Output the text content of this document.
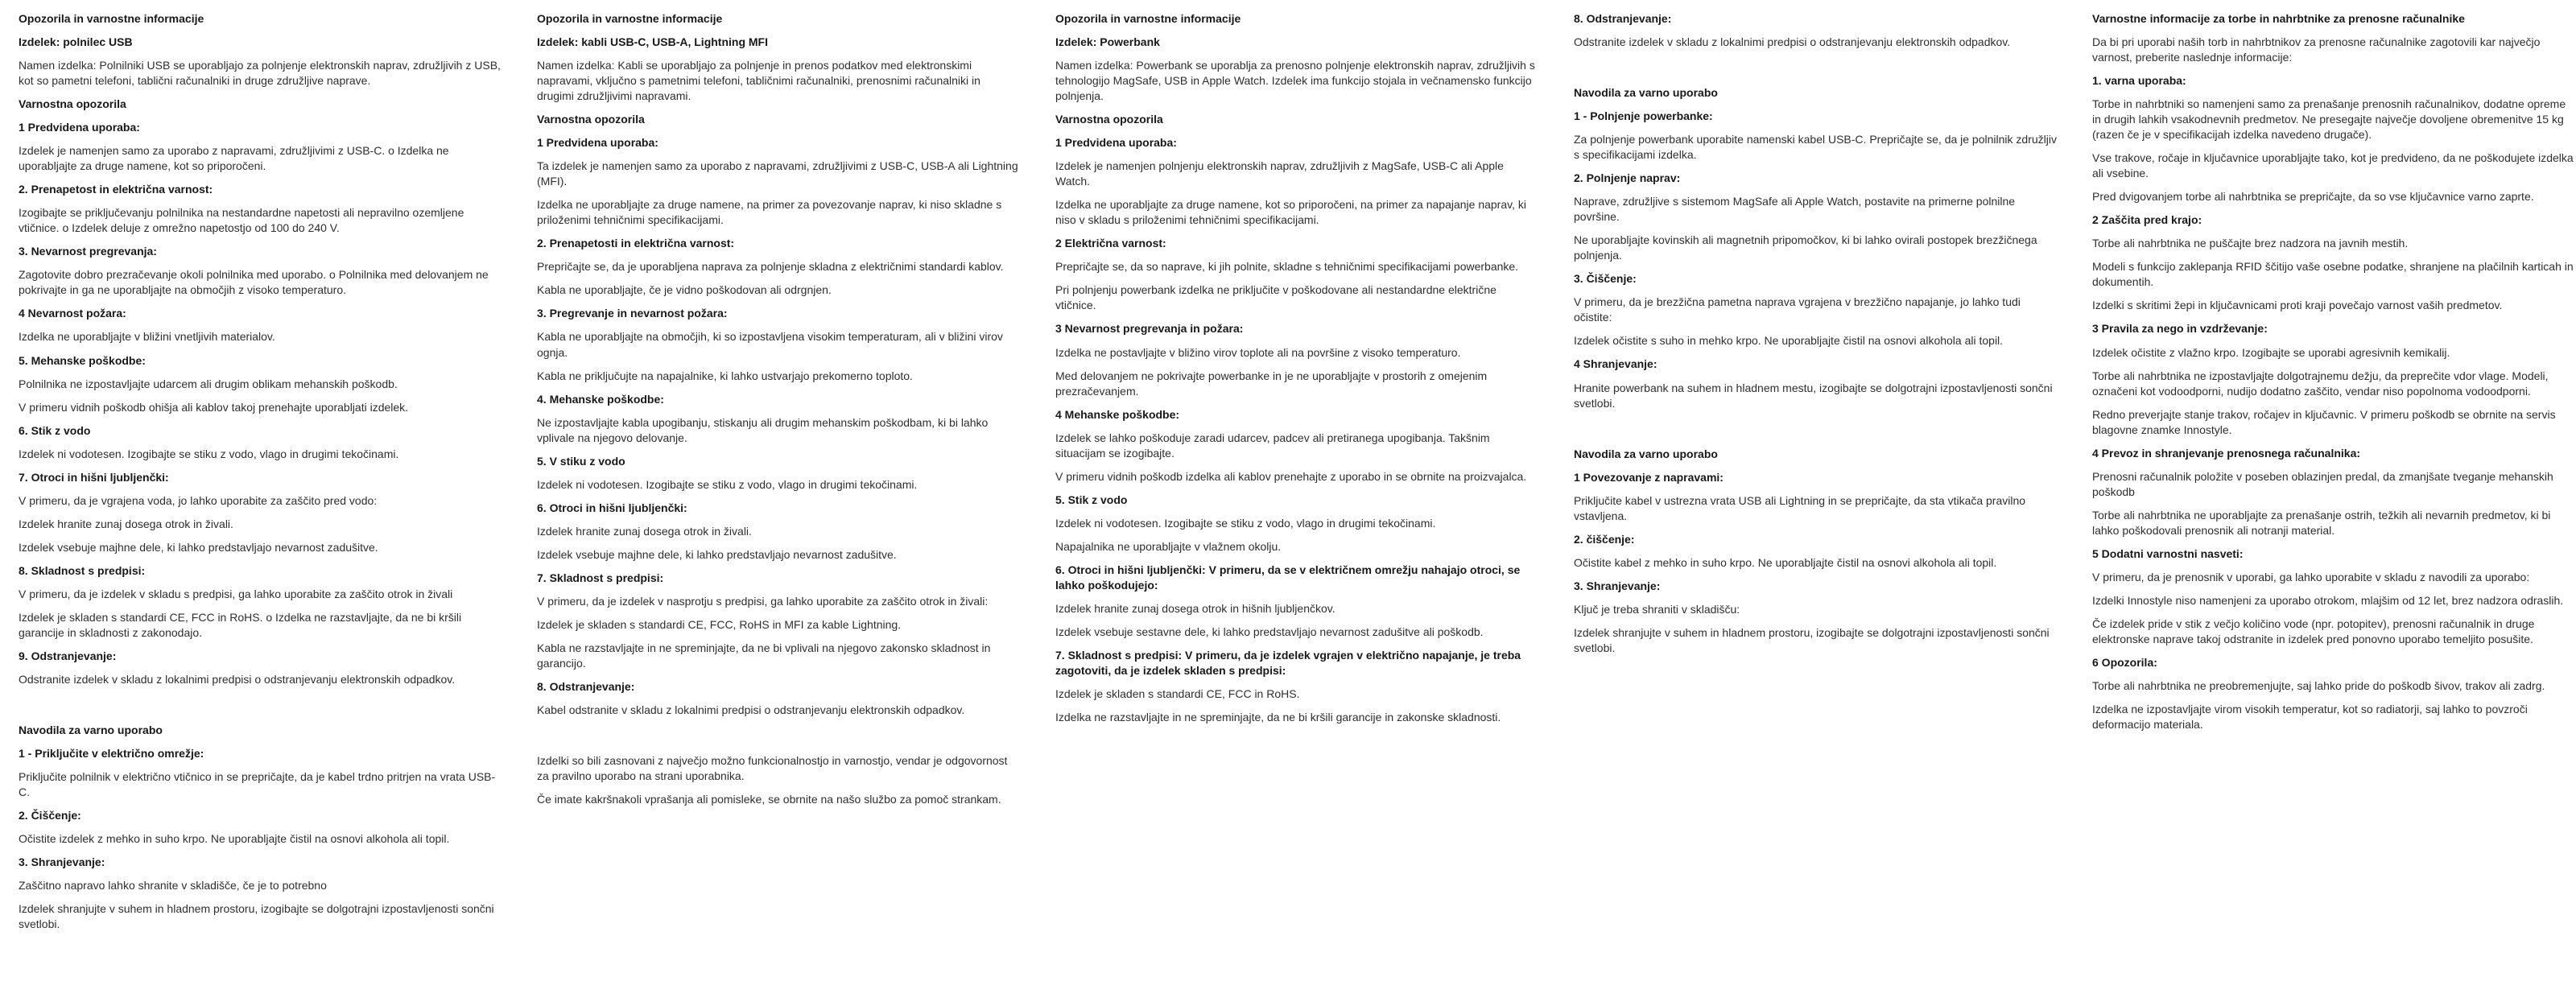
Opozorila in varnostne informacije
Izdelek: polnilec USB

Namen izdelka: Polnilniki USB se uporabljajo za polnjenje elektronskih naprav, združljivih z USB, kot so pametni telefoni, tablični računalniki in druge združljive naprave.

Varnostna opozorila
1 Predvidena uporaba:

Izdelek je namenjen samo za uporabo z napravami, združljivimi z USB-C. o Izdelka ne uporabljajte za druge namene, kot so priporočeni.

2. Prenapetost in električna varnost:

Izogibajte se priključevanju polnilnika na nestandardne napetosti ali nepravilno ozemljene vtičnice. o Izdelek deluje z omrežno napetostjo od 100 do 240 V.

3. Nevarnost pregrevanja:

Zagotovite dobro prezračevanje okoli polnilnika med uporabo. o Polnilnika med delovanjem ne pokrivajte in ga ne uporabljajte na območjih z visoko temperaturo.

4 Nevarnost požara:

Izdelka ne uporabljajte v bližini vnetljivih materialov.

5. Mehanske poškodbe:

Polnilnika ne izpostavljajte udarcem ali drugim oblikam mehanskih poškodb.

V primeru vidnih poškodb ohišja ali kablov takoj prenehajte uporabljati izdelek.

6. Stik z vodo

Izdelek ni vodotesen. Izogibajte se stiku z vodo, vlago in drugimi tekočinami.

7. Otroci in hišni ljubljenčki:

V primeru, da je vgrajena voda, jo lahko uporabite za zaščito pred vodo:

Izdelek hranite zunaj dosega otrok in živali.

Izdelek vsebuje majhne dele, ki lahko predstavljajo nevarnost zadušitve.

8. Skladnost s predpisi:

V primeru, da je izdelek v skladu s predpisi, ga lahko uporabite za zaščito otrok in živali

Izdelek je skladen s standardi CE, FCC in RoHS. o Izdelka ne razstavljajte, da ne bi kršili garancije in skladnosti z zakonodajo.

9. Odstranjevanje:

Odstranite izdelek v skladu z lokalnimi predpisi o odstranjevanju elektronskih odpadkov.

Navodila za varno uporabo
1 - Priključite v električno omrežje:

Priključite polnilnik v električno vtičnico in se prepričajte, da je kabel trdno pritrjen na vrata USB-C.

2. Čiščenje:

Očistite izdelek z mehko in suho krpo. Ne uporabljajte čistil na osnovi alkohola ali topil.

3. Shranjevanje:

Zaščitno napravo lahko shranite v skladišče, če je to potrebno

Izdelek shranjujte v suhem in hladnem prostoru, izogibajte se dolgotrajni izpostavljenosti sončni svetlobi.

Opozorila in varnostne informacije
Izdelek: kabli USB-C, USB-A, Lightning MFI

Namen izdelka: Kabli se uporabljajo za polnjenje in prenos podatkov med elektronskimi napravami, vključno s pametnimi telefoni, tabličnimi računalniki, prenosnimi računalniki in drugimi združljivimi napravami.

Varnostna opozorila
1 Predvidena uporaba:

Ta izdelek je namenjen samo za uporabo z napravami, združljivimi z USB-C, USB-A ali Lightning (MFI).

Izdelka ne uporabljajte za druge namene, na primer za povezovanje naprav, ki niso skladne s priloženimi tehničnimi specifikacijami.

2. Prenapetosti in električna varnost:

Prepričajte se, da je uporabljena naprava za polnjenje skladna z električnimi standardi kablov.

Kabla ne uporabljajte, če je vidno poškodovan ali odrgnjen.

3. Pregrevanje in nevarnost požara:

Kabla ne uporabljajte na območjih, ki so izpostavljena visokim temperaturam, ali v bližini virov ognja.

Kabla ne priključujte na napajalnike, ki lahko ustvarjajo prekomerno toploto.

4. Mehanske poškodbe:

Ne izpostavljajte kabla upogibanju, stiskanju ali drugim mehanskim poškodbam, ki bi lahko vplivale na njegovo delovanje.

5. V stiku z vodo

Izdelek ni vodotesen. Izogibajte se stiku z vodo, vlago in drugimi tekočinami.

6. Otroci in hišni ljubljenčki:

Izdelek hranite zunaj dosega otrok in živali.

Izdelek vsebuje majhne dele, ki lahko predstavljajo nevarnost zadušitve.

7. Skladnost s predpisi:

V primeru, da je izdelek v nasprotju s predpisi, ga lahko uporabite za zaščito otrok in živali:

Izdelek je skladen s standardi CE, FCC, RoHS in MFI za kable Lightning.

Kabla ne razstavljajte in ne spreminjajte, da ne bi vplivali na njegovo zakonsko skladnost in garancijo.

8. Odstranjevanje:

Kabel odstranite v skladu z lokalnimi predpisi o odstranjevanju elektronskih odpadkov.

Izdelki so bili zasnovani z največjo možno funkcionalnostjo in varnostjo, vendar je odgovornost za pravilno uporabo na strani uporabnika.

Če imate kakršnakoli vprašanja ali pomisleke, se obrnite na našo službo za pomoč strankam.

Opozorila in varnostne informacije
Izdelek: Powerbank

Namen izdelka: Powerbank se uporablja za prenosno polnjenje elektronskih naprav, združljivih s tehnologijo MagSafe, USB in Apple Watch. Izdelek ima funkcijo stojala in večnamensko funkcijo polnjenja.

Varnostna opozorila
1 Predvidena uporaba:

Izdelek je namenjen polnjenju elektronskih naprav, združljivih z MagSafe, USB-C ali Apple Watch.

Izdelka ne uporabljajte za druge namene, kot so priporočeni, na primer za napajanje naprav, ki niso v skladu s priloženimi tehničnimi specifikacijami.

2 Električna varnost:

Prepričajte se, da so naprave, ki jih polnite, skladne s tehničnimi specifikacijami powerbanke.

Pri polnjenju powerbank izdelka ne priključite v poškodovane ali nestandardne električne vtičnice.

3 Nevarnost pregrevanja in požara:

Izdelka ne postavljajte v bližino virov toplote ali na površine z visoko temperaturo.

Med delovanjem ne pokrivajte powerbanke in je ne uporabljajte v prostorih z omejenim prezračevanjem.

4 Mehanske poškodbe:

Izdelek se lahko poškoduje zaradi udarcev, padcev ali pretiranega upogibanja. Takšnim situacijam se izogibajte.

V primeru vidnih poškodb izdelka ali kablov prenehajte z uporabo in se obrnite na proizvajalca.

5. Stik z vodo

Izdelek ni vodotesen. Izogibajte se stiku z vodo, vlago in drugimi tekočinami.

Napajalnika ne uporabljajte v vlažnem okolju.

6. Otroci in hišni ljubljenčki: V primeru, da se v električnem omrežju nahajajo otroci, se lahko poškodujejo:

Izdelek hranite zunaj dosega otrok in hišnih ljubljenčkov.

Izdelek vsebuje sestavne dele, ki lahko predstavljajo nevarnost zadušitve ali poškodb.

7. Skladnost s predpisi: V primeru, da je izdelek vgrajen v električno napajanje, je treba zagotoviti, da je izdelek skladen s predpisi:

Izdelek je skladen s standardi CE, FCC in RoHS.

Izdelka ne razstavljajte in ne spreminjajte, da ne bi kršili garancije in zakonske skladnosti.

8. Odstranjevanje:

Odstranite izdelek v skladu z lokalnimi predpisi o odstranjevanju elektronskih odpadkov.

Navodila za varno uporabo
1 - Polnjenje powerbanke:

Za polnjenje powerbank uporabite namenski kabel USB-C. Prepričajte se, da je polnilnik združljiv s specifikacijami izdelka.

2. Polnjenje naprav:

Naprave, združljive s sistemom MagSafe ali Apple Watch, postavite na primerne polnilne površine.

Ne uporabljajte kovinskih ali magnetnih pripomočkov, ki bi lahko ovirali postopek brezžičnega polnjenja.

3. Čiščenje:

V primeru, da je brezžična pametna naprava vgrajena v brezžično napajanje, jo lahko tudi očistite:

Izdelek očistite s suho in mehko krpo. Ne uporabljajte čistil na osnovi alkohola ali topil.

4 Shranjevanje:

Hranite powerbank na suhem in hladnem mestu, izogibajte se dolgotrajni izpostavljenosti sončni svetlobi.

Navodila za varno uporabo
1 Povezovanje z napravami:

Priključite kabel v ustrezna vrata USB ali Lightning in se prepričajte, da sta vtikača pravilno vstavljena.

2. čiščenje:

Očistite kabel z mehko in suho krpo. Ne uporabljajte čistil na osnovi alkohola ali topil.

3. Shranjevanje:

Ključ je treba shraniti v skladišču:

Izdelek shranjujte v suhem in hladnem prostoru, izogibajte se dolgotrajni izpostavljenosti sončni svetlobi.

Varnostne informacije za torbe in nahrbtnike za prenosne računalnike

Da bi pri uporabi naših torb in nahrbtnikov za prenosne računalnike zagotovili kar največjo varnost, preberite naslednje informacije:

1. varna uporaba:

Torbe in nahrbtniki so namenjeni samo za prenašanje prenosnih računalnikov, dodatne opreme in drugih lahkih vsakodnevnih predmetov. Ne presegajte največje dovoljene obremenitve 15 kg (razen če je v specifikacijah izdelka navedeno drugače).

Vse trakove, ročaje in ključavnice uporabljajte tako, kot je predvideno, da ne poškodujete izdelka ali vsebine.

Pred dvigovanjem torbe ali nahrbtnika se prepričajte, da so vse ključavnice varno zaprte.

2 Zaščita pred krajo:

Torbe ali nahrbtnika ne puščajte brez nadzora na javnih mestih.

Modeli s funkcijo zaklepanja RFID ščitijo vaše osebne podatke, shranjene na plačilnih karticah in dokumentih.

Izdelki s skritimi žepi in ključavnicami proti kraji povečajo varnost vaših predmetov.

3 Pravila za nego in vzdrževanje:

Izdelek očistite z vlažno krpo. Izogibajte se uporabi agresivnih kemikalij.

Torbe ali nahrbtnika ne izpostavljajte dolgotrajnemu dežju, da preprečite vdor vlage. Modeli, označeni kot vodoodporni, nudijo dodatno zaščito, vendar niso popolnoma vodoodporni.

Redno preverjajte stanje trakov, ročajev in ključavnic. V primeru poškodb se obrnite na servis blagovne znamke Innostyle.

4 Prevoz in shranjevanje prenosnega računalnika:

Prenosni računalnik položite v poseben oblazinjen predal, da zmanjšate tveganje mehanskih poškodb

Torbe ali nahrbtnika ne uporabljajte za prenašanje ostrih, težkih ali nevarnih predmetov, ki bi lahko poškodovali prenosnik ali notranji material.

5 Dodatni varnostni nasveti:

V primeru, da je prenosnik v uporabi, ga lahko uporabite v skladu z navodili za uporabo:

Izdelki Innostyle niso namenjeni za uporabo otrokom, mlajšim od 12 let, brez nadzora odraslih.

Če izdelek pride v stik z večjo količino vode (npr. potopitev), prenosni računalnik in druge elektronske naprave takoj odstranite in izdelek pred ponovno uporabo temeljito posušite.

6 Opozorila:

Torbe ali nahrbtnika ne preobremenjujte, saj lahko pride do poškodb šivov, trakov ali zadrg.

Izdelka ne izpostavljajte virom visokih temperatur, kot so radiatorji, saj lahko to povzroči deformacijo materiala.
